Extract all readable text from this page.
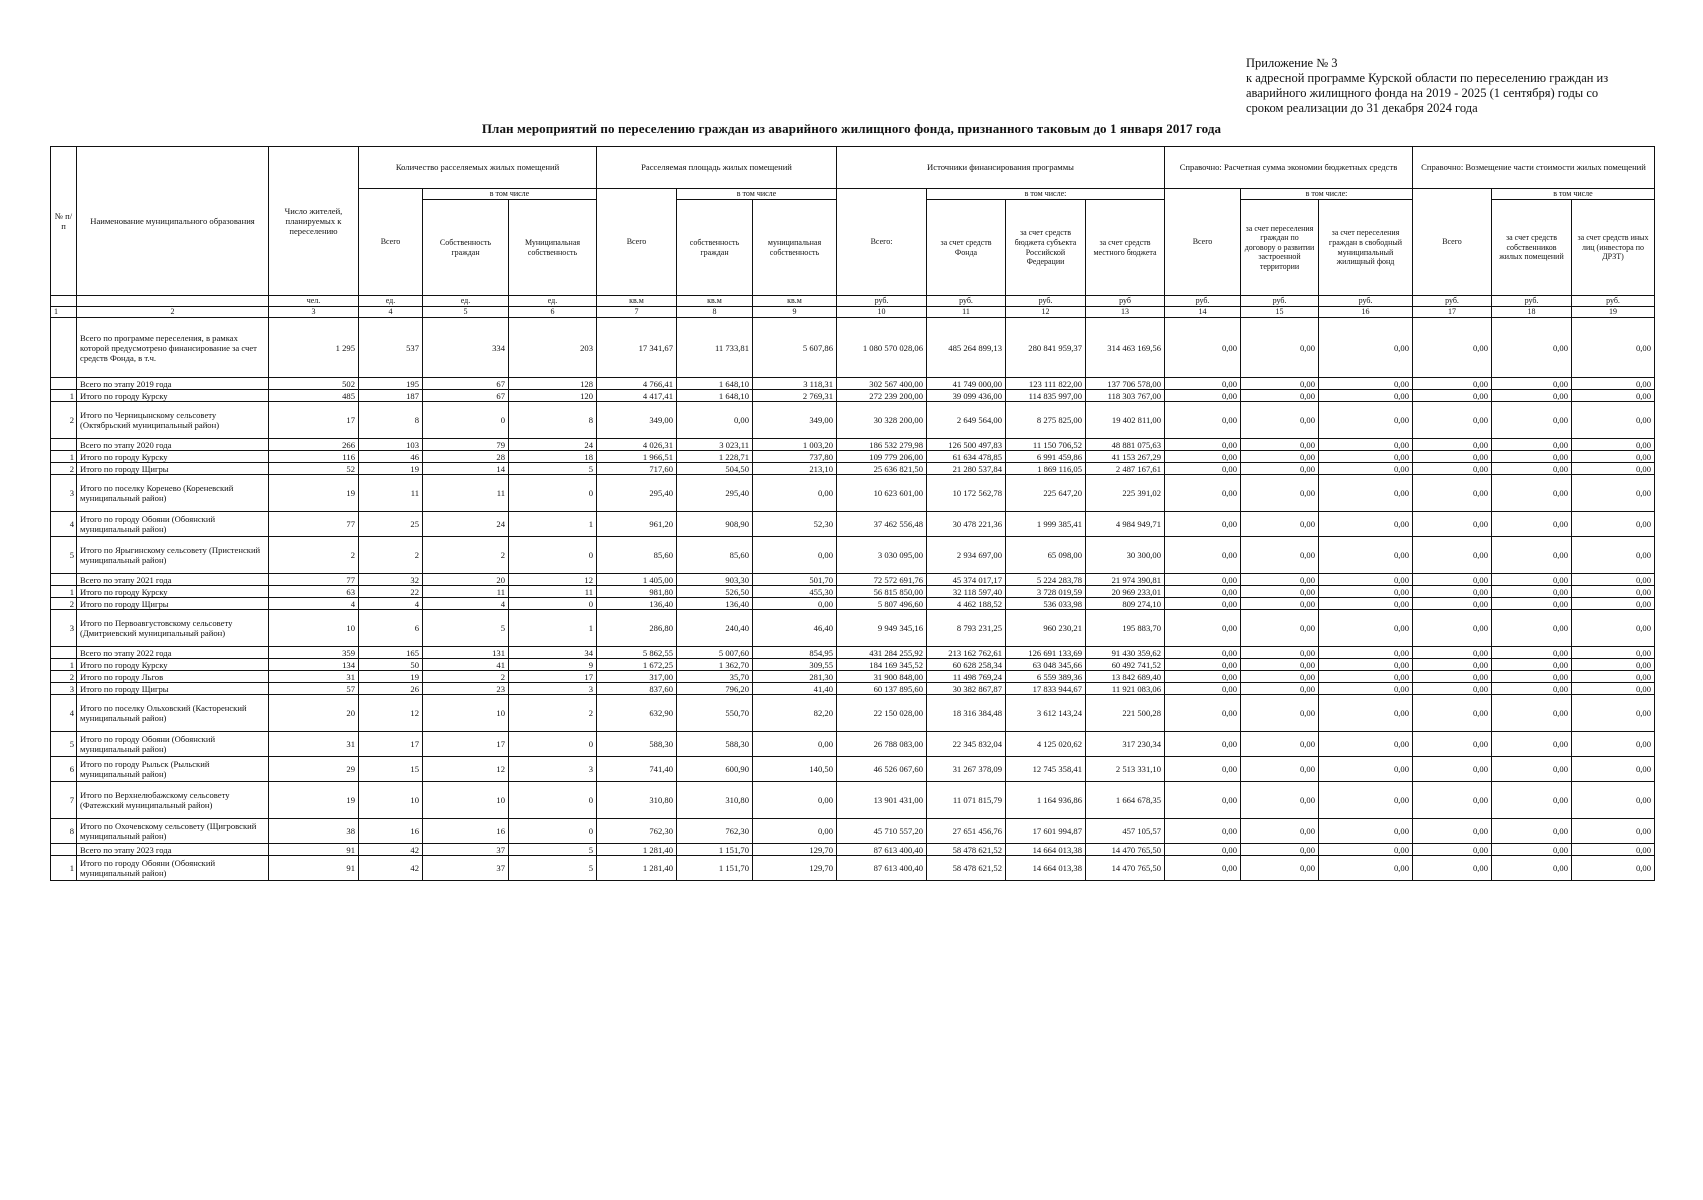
Приложение № 3
к адресной программе Курской области по переселению граждан из
аварийного жилищного фонда на 2019 - 2025 (1 сентября) годы со
сроком реализации до 31 декабря 2024 года
План мероприятий по переселению граждан из аварийного жилищного фонда, признанного таковым до 1 января 2017 года
№ п/п	Наименование муниципального образования	Число жителей, планируемых к переселению	Количество расселяемых жилых помещений			Расселяемая площадь жилых помещений			Источники финансирования программы				Справочно: Расчетная сумма экономии бюджетных средств			Справочно: Возмещение части стоимости жилых помещений		
			Всего	в том числе		Всего	в том числе		Всего:	в том числе:			Всего	в том числе:		Всего	в том числе	
				Собственность граждан	Муниципальная собственность		собственность граждан	муниципальная собственность		за счет средств Фонда	за счет средств бюджета субъекта Российской Федерации	за счет средств местного бюджета		за счет переселения граждан по договору о развитии застроенной территории	за счет переселения граждан в свободный муниципальный жилищный фонд		за счет средств собственников жилых помещений	за счет средств иных лиц (инвестора по ДРЗТ)
		чел.	ед.	ед.	ед.	кв.м	кв.м	кв.м	руб.	руб.	руб.	руб	руб.	руб.	руб.	руб.	руб.	руб.
1	2	3	4	5	6	7	8	9	10	11	12	13	14	15	16	17	18	19
	Всего по программе переселения, в рамках которой предусмотрено финансирование за счет средств Фонда, в т.ч.	1 295	537	334	203	17 341,67	11 733,81	5 607,86	1 080 570 028,06	485 264 899,13	280 841 959,37	314 463 169,56	0,00	0,00	0,00	0,00	0,00	0,00
	Всего по этапу 2019 года	502	195	67	128	4 766,41	1 648,10	3 118,31	302 567 400,00	41 749 000,00	123 111 822,00	137 706 578,00	0,00	0,00	0,00	0,00	0,00	0,00
1	Итого по городу Курску	485	187	67	120	4 417,41	1 648,10	2 769,31	272 239 200,00	39 099 436,00	114 835 997,00	118 303 767,00	0,00	0,00	0,00	0,00	0,00	0,00
2	Итого по Черницынскому сельсовету (Октябрьский муниципальный район)	17	8	0	8	349,00	0,00	349,00	30 328 200,00	2 649 564,00	8 275 825,00	19 402 811,00	0,00	0,00	0,00	0,00	0,00	0,00
	Всего по этапу 2020 года	266	103	79	24	4 026,31	3 023,11	1 003,20	186 532 279,98	126 500 497,83	11 150 706,52	48 881 075,63	0,00	0,00	0,00	0,00	0,00	0,00
1	Итого по городу Курску	116	46	28	18	1 966,51	1 228,71	737,80	109 779 206,00	61 634 478,85	6 991 459,86	41 153 267,29	0,00	0,00	0,00	0,00	0,00	0,00
2	Итого по городу Щигры	52	19	14	5	717,60	504,50	213,10	25 636 821,50	21 280 537,84	1 869 116,05	2 487 167,61	0,00	0,00	0,00	0,00	0,00	0,00
3	Итого по поселку Коренево (Кореневский муниципальный район)	19	11	11	0	295,40	295,40	0,00	10 623 601,00	10 172 562,78	225 647,20	225 391,02	0,00	0,00	0,00	0,00	0,00	0,00
4	Итого по городу Обояни (Обоянский муниципальный район)	77	25	24	1	961,20	908,90	52,30	37 462 556,48	30 478 221,36	1 999 385,41	4 984 949,71	0,00	0,00	0,00	0,00	0,00	0,00
5	Итого по Ярыгинскому сельсовету (Пристенский муниципальный район)	2	2	2	0	85,60	85,60	0,00	3 030 095,00	2 934 697,00	65 098,00	30 300,00	0,00	0,00	0,00	0,00	0,00	0,00
	Всего по этапу 2021 года	77	32	20	12	1 405,00	903,30	501,70	72 572 691,76	45 374 017,17	5 224 283,78	21 974 390,81	0,00	0,00	0,00	0,00	0,00	0,00
1	Итого по городу Курску	63	22	11	11	981,80	526,50	455,30	56 815 850,00	32 118 597,40	3 728 019,59	20 969 233,01	0,00	0,00	0,00	0,00	0,00	0,00
2	Итого по городу Щигры	4	4	4	0	136,40	136,40	0,00	5 807 496,60	4 462 188,52	536 033,98	809 274,10	0,00	0,00	0,00	0,00	0,00	0,00
3	Итого по Первоавгустовскому сельсовету (Дмитриевский муниципальный район)	10	6	5	1	286,80	240,40	46,40	9 949 345,16	8 793 231,25	960 230,21	195 883,70	0,00	0,00	0,00	0,00	0,00	0,00
	Всего по этапу 2022 года	359	165	131	34	5 862,55	5 007,60	854,95	431 284 255,92	213 162 762,61	126 691 133,69	91 430 359,62	0,00	0,00	0,00	0,00	0,00	0,00
1	Итого по городу Курску	134	50	41	9	1 672,25	1 362,70	309,55	184 169 345,52	60 628 258,34	63 048 345,66	60 492 741,52	0,00	0,00	0,00	0,00	0,00	0,00
2	Итого по городу Льгов	31	19	2	17	317,00	35,70	281,30	31 900 848,00	11 498 769,24	6 559 389,36	13 842 689,40	0,00	0,00	0,00	0,00	0,00	0,00
3	Итого по городу Щигры	57	26	23	3	837,60	796,20	41,40	60 137 895,60	30 382 867,87	17 833 944,67	11 921 083,06	0,00	0,00	0,00	0,00	0,00	0,00
4	Итого по поселку Ольховский (Касторенский муниципальный район)	20	12	10	2	632,90	550,70	82,20	22 150 028,00	18 316 384,48	3 612 143,24	221 500,28	0,00	0,00	0,00	0,00	0,00	0,00
5	Итого по городу Обояни (Обоянский муниципальный район)	31	17	17	0	588,30	588,30	0,00	26 788 083,00	22 345 832,04	4 125 020,62	317 230,34	0,00	0,00	0,00	0,00	0,00	0,00
6	Итого по городу Рыльск (Рыльский муниципальный район)	29	15	12	3	741,40	600,90	140,50	46 526 067,60	31 267 378,09	12 745 358,41	2 513 331,10	0,00	0,00	0,00	0,00	0,00	0,00
7	Итого по Верхнелюбажскому сельсовету (Фатежский муниципальный район)	19	10	10	0	310,80	310,80	0,00	13 901 431,00	11 071 815,79	1 164 936,86	1 664 678,35	0,00	0,00	0,00	0,00	0,00	0,00
8	Итого по Охочевскому сельсовету (Щигровский муниципальный район)	38	16	16	0	762,30	762,30	0,00	45 710 557,20	27 651 456,76	17 601 994,87	457 105,57	0,00	0,00	0,00	0,00	0,00	0,00
	Всего по этапу 2023 года	91	42	37	5	1 281,40	1 151,70	129,70	87 613 400,40	58 478 621,52	14 664 013,38	14 470 765,50	0,00	0,00	0,00	0,00	0,00	0,00
1	Итого по городу Обояни (Обоянский муниципальный район)	91	42	37	5	1 281,40	1 151,70	129,70	87 613 400,40	58 478 621,52	14 664 013,38	14 470 765,50	0,00	0,00	0,00	0,00	0,00	0,00
